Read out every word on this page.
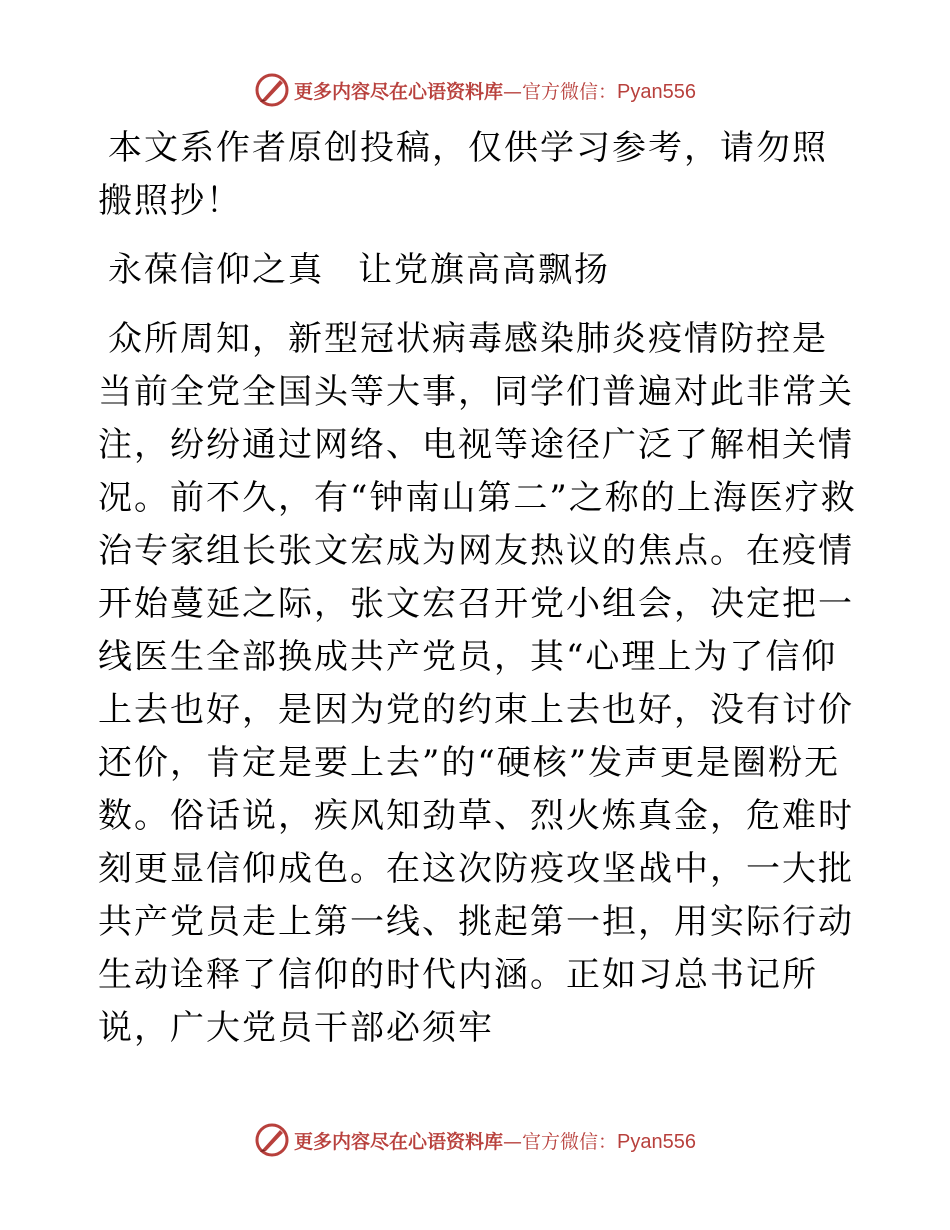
更多内容尽在心语资料库—官方微信：Pyan556

本文系作者原创投稿，仅供学习参考，请勿照搬照抄！

永葆信仰之真 让党旗高高飘扬

众所周知，新型冠状病毒感染肺炎疫情防控是当前全党全国头等大事，同学们普遍对此非常关注，纷纷通过网络、电视等途径广泛了解相关情况。前不久，有“钟南山第二”之称的上海医疗救治专家组长张文宏成为网友热议的焦点。在疫情开始蔓延之际，张文宏召开党小组会，决定把一线医生全部换成共产党员，其“心理上为了信仰上去也好，是因为党的约束上去也好，没有讨价还价，肯定是要上去”的“硬核”发声更是圈粉无数。俗话说，疾风知劲草、烈火炼真金，危难时刻更显信仰成色。在这次防疫攻坚战中，一大批共产党员走上第一线、挑起第一担，用实际行动生动诠释了信仰的时代内涵。正如习总书记所说，广大党员干部必须牢

更多内容尽在心语资料库—官方微信：Pyan556
